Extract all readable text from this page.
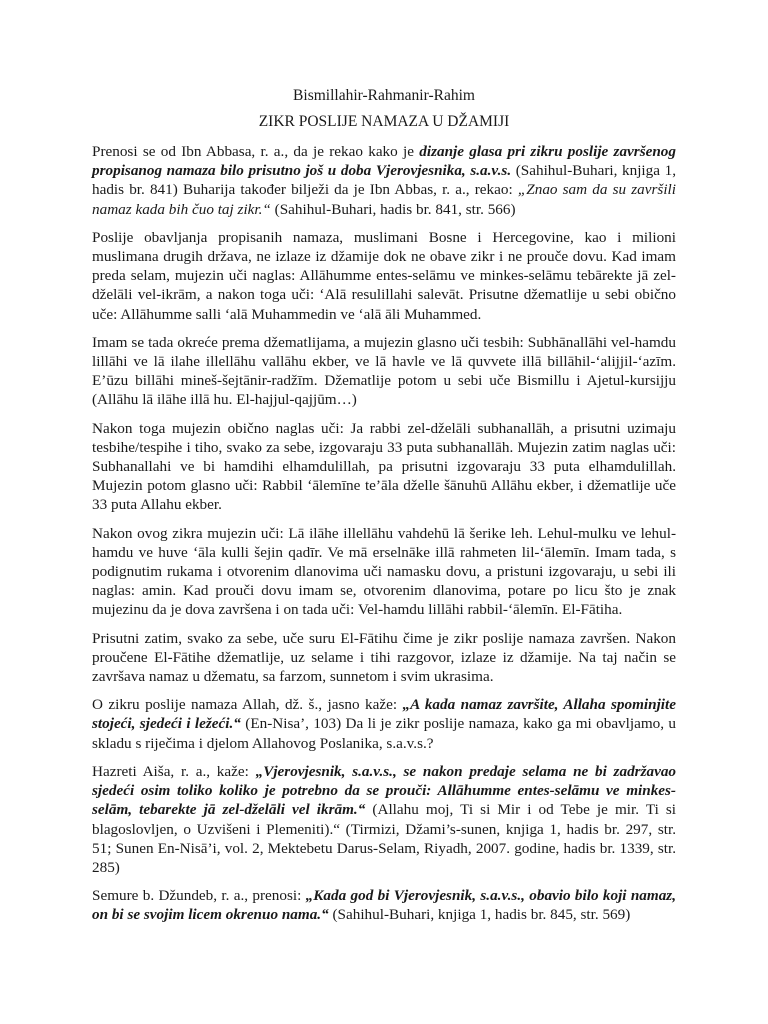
Bismillahir-Rahmanir-Rahim
ZIKR POSLIJE NAMAZA U DŽAMIJI

Prenosi se od Ibn Abbasa, r. a., da je rekao kako je dizanje glasa pri zikru poslije završenog propisanog namaza bilo prisutno još u doba Vjerovjesnika, s.a.v.s. (Sahihul-Buhari, knjiga 1, hadis br. 841) Buharija također bilježi da je Ibn Abbas, r. a., rekao: „Znao sam da su završili namaz kada bih čuo taj zikr.“ (Sahihul-Buhari, hadis br. 841, str. 566)

Poslije obavljanja propisanih namaza, muslimani Bosne i Hercegovine, kao i milioni muslimana drugih država, ne izlaze iz džamije dok ne obave zikr i ne prouče dovu. Kad imam preda selam, mujezin uči naglas: Allāhumme entes-selāmu ve minkes-selāmu tebārekte jā zel-dželāli vel-ikrām, a nakon toga uči: ‘Alā resulillahi salevāt. Prisutne džematlije u sebi obično uče: Allāhumme salli ‘alā Muhammedin ve ‘alā āli Muhammed.

Imam se tada okreće prema džematlijama, a mujezin glasno uči tesbih: Subhānallāhi vel-hamdu lillāhi ve lā ilahe illellāhu vallāhu ekber, ve lā havle ve lā quvvete illā billāhil-‘alijjil-‘azīm. E’ūzu billāhi mineš-šejtānir-radžīm. Džematlije potom u sebi uče Bismillu i Ajetul-kursijju (Allāhu lā ilāhe illā hu. El-hajjul-qajjūm…)

Nakon toga mujezin obično naglas uči: Ja rabbi zel-dželāli subhanallāh, a prisutni uzimaju tesbihe/tespihe i tiho, svako za sebe, izgovaraju 33 puta subhanallāh. Mujezin zatim naglas uči: Subhanallahi ve bi hamdihi elhamdulillah, pa prisutni izgovaraju 33 puta elhamdulillah. Mujezin potom glasno uči: Rabbil ‘ālemīne te’āla dželle šānuhū Allāhu ekber, i džematlije uče 33 puta Allahu ekber.

Nakon ovog zikra mujezin uči: Lā ilāhe illellāhu vahdehū lā šerike leh. Lehul-mulku ve lehul-hamdu ve huve ‘āla kulli šejin qadīr. Ve mā erselnāke illā rahmeten lil-‘ālemīn. Imam tada, s podignutim rukama i otvorenim dlanovima uči namasku dovu, a pristuni izgovaraju, u sebi ili naglas: amin. Kad prouči dovu imam se, otvorenim dlanovima, potare po licu što je znak mujezinu da je dova završena i on tada uči: Vel-hamdu lillāhi rabbil-‘ālemīn. El-Fātiha.

Prisutni zatim, svako za sebe, uče suru El-Fātihu čime je zikr poslije namaza završen. Nakon proučene El-Fātihe džematlije, uz selame i tihi razgovor, izlaze iz džamije. Na taj način se završava namaz u džematu, sa farzom, sunnetom i svim ukrasima.

O zikru poslije namaza Allah, dž. š., jasno kaže: „A kada namaz završite, Allaha spominjite stojeći, sjedeći i ležeći.“ (En-Nisa’, 103) Da li je zikr poslije namaza, kako ga mi obavljamo, u skladu s riječima i djelom Allahovog Poslanika, s.a.v.s.?

Hazreti Aiša, r. a., kaže: „Vjerovjesnik, s.a.v.s., se nakon predaje selama ne bi zadržavao sjedeći osim toliko koliko je potrebno da se prouči: Allāhumme entes-selāmu ve minkes-selām, tebarekte jā zel-dželāli vel ikrām.“ (Allahu moj, Ti si Mir i od Tebe je mir. Ti si blagoslovljen, o Uzvišeni i Plemeniti).“ (Tirmizi, Džami’s-sunen, knjiga 1, hadis br. 297, str. 51; Sunen En-Nisā’i, vol. 2, Mektebetu Darus-Selam, Riyadh, 2007. godine, hadis br. 1339, str. 285)

Semure b. Džundeb, r. a., prenosi: „Kada god bi Vjerovjesnik, s.a.v.s., obavio bilo koji namaz, on bi se svojim licem okrenuo nama.“ (Sahihul-Buhari, knjiga 1, hadis br. 845, str. 569)
